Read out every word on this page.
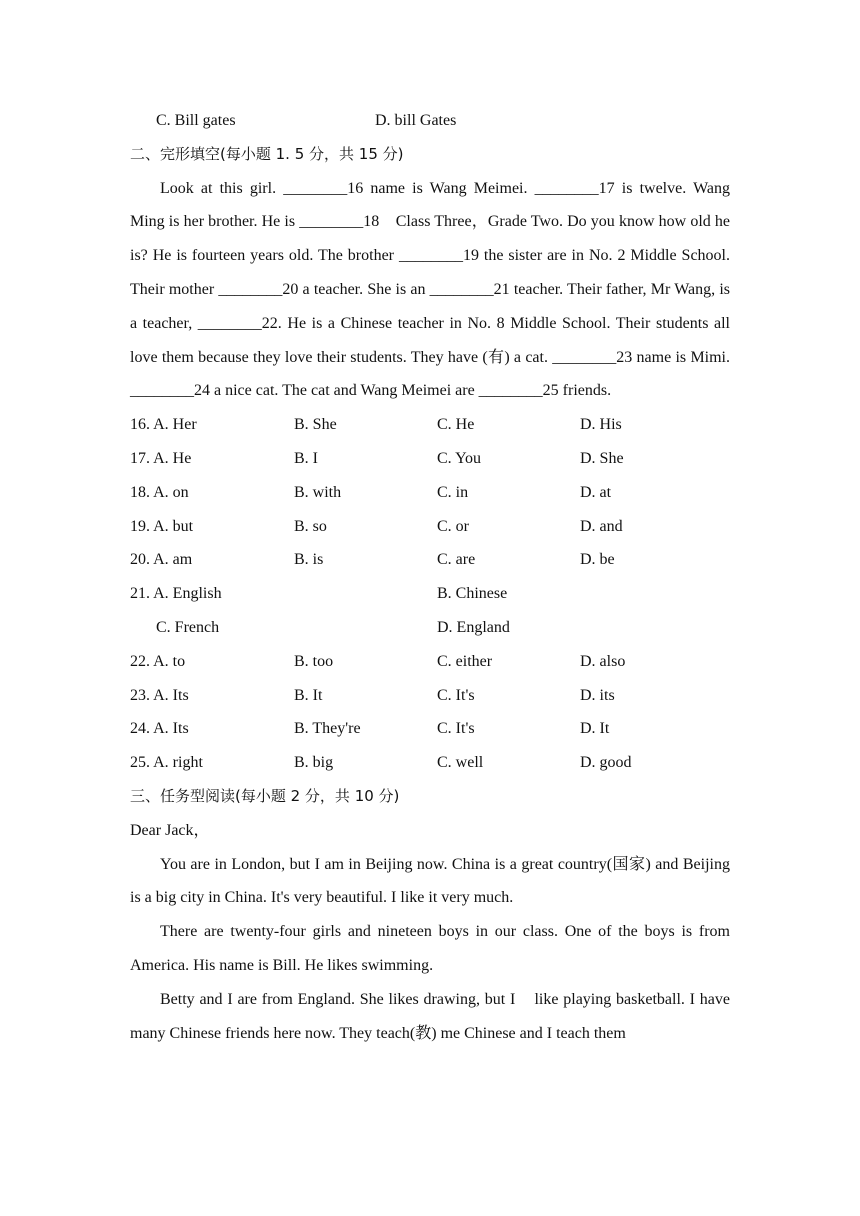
C. Bill gates	D. bill Gates
二、完形填空(每小题 1. 5 分，共 15 分)

Look at this girl. ________16 name is Wang Meimei. ________17 is twelve. Wang Ming is her brother. He is ________18    Class Three，Grade Two. Do you know how old he is? He is fourteen years old. The brother ________19 the sister are in No. 2 Middle School. Their mother ________20 a teacher. She is an ________21 teacher. Their father, Mr Wang, is a teacher, ________22. He is a Chinese teacher in No. 8 Middle School. Their students all love them because they love their students. They have (有) a cat. ________23 name is Mimi. ________24 a nice cat. The cat and Wang Meimei are ________25 friends.

16. A. Her	B. She	C. He	D. His
17. A. He	B. I	C. You	D. She
18. A. on	B. with	C. in	D. at
19. A. but	B. so	C. or	D. and
20. A. am	B. is	C. are	D. be
21. A. English	B. Chinese
C. French	D. England
22. A. to	B. too	C. either	D. also
23. A. Its	B. It	C. It's	D. its
24. A. Its	B. They're	C. It's	D. It
25. A. right	B. big	C. well	D. good
三、任务型阅读(每小题 2 分，共 10 分)
Dear Jack，

You are in London, but I am in Beijing now. China is a great country(国家) and Beijing is a big city in China. It's very beautiful. I like it very much.

There are twenty-four girls and nineteen boys in our class. One of the boys is from America. His name is Bill. He likes swimming.

Betty and I are from England. She likes drawing, but I    like playing basketball. I have many Chinese friends here now. They teach(教) me Chinese and I teach them
